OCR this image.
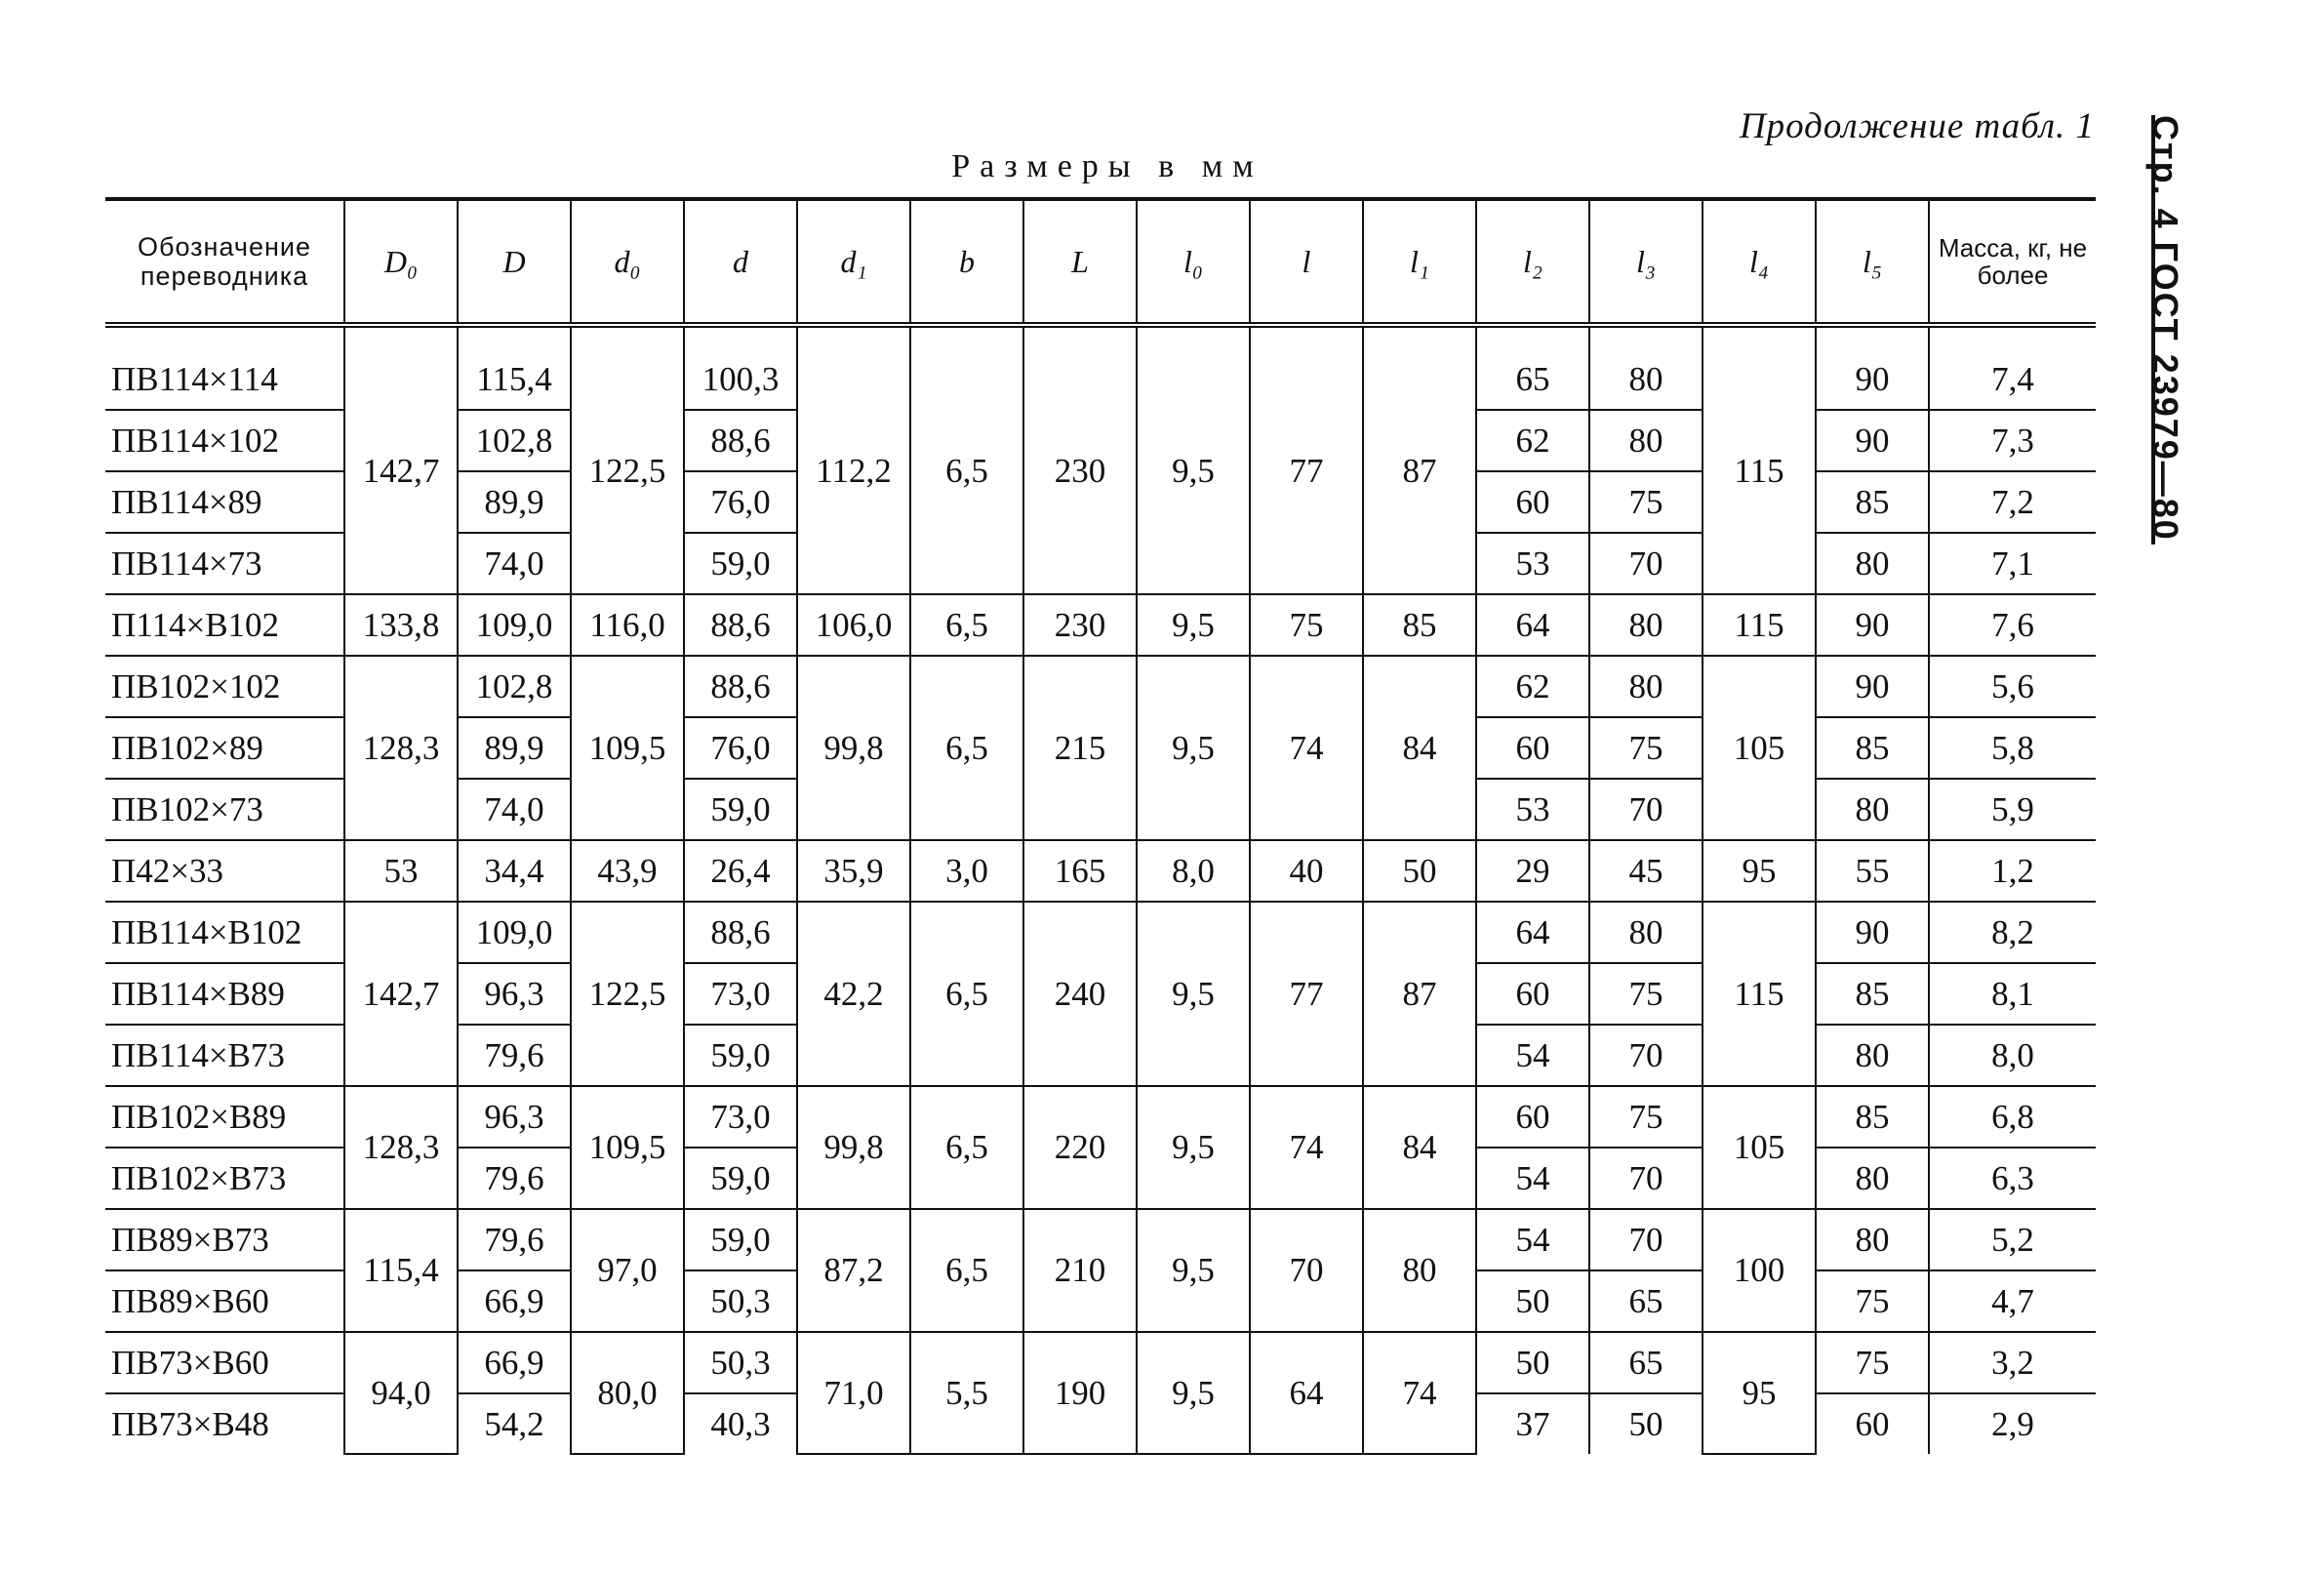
Продолжение табл. 1
Размеры в мм	Стр. 4 ГОСТ 23979—80
Обозначение переводника	D₀	D	d₀	d	d₁	b	L	l₀	l	l₁	l₂	l₃	l₄	l₅	Масса, кг, не более
ПВ114×114	142,7	115,4	122,5	100,3	112,2	6,5	230	9,5	77	87	65	80	115	90	7,4
ПВ114×102		102,8		88,6							62	80		90	7,3
ПВ114×89		89,9		76,0							60	75		85	7,2
ПВ114×73		74,0		59,0							53	70		80	7,1
П114×В102	133,8	109,0	116,0	88,6	106,0	6,5	230	9,5	75	85	64	80	115	90	7,6
ПВ102×102	128,3	102,8	109,5	88,6	99,8	6,5	215	9,5	74	84	62	80	105	90	5,6
ПВ102×89		89,9		76,0							60	75		85	5,8
ПВ102×73		74,0		59,0							53	70		80	5,9
П42×33	53	34,4	43,9	26,4	35,9	3,0	165	8,0	40	50	29	45	95	55	1,2
ПВ114×В102	142,7	109,0	122,5	88,6	42,2	6,5	240	9,5	77	87	64	80	115	90	8,2
ПВ114×В89		96,3		73,0							60	75		85	8,1
ПВ114×В73		79,6		59,0							54	70		80	8,0
ПВ102×В89	128,3	96,3	109,5	73,0	99,8	6,5	220	9,5	74	84	60	75	105	85	6,8
ПВ102×В73		79,6		59,0							54	70		80	6,3
ПВ89×В73	115,4	79,6	97,0	59,0	87,2	6,5	210	9,5	70	80	54	70	100	80	5,2
ПВ89×В60		66,9		50,3							50	65		75	4,7
ПВ73×В60	94,0	66,9	80,0	50,3	71,0	5,5	190	9,5	64	74	50	65	95	75	3,2
ПВ73×В48		54,2		40,3							37	50		60	2,9
